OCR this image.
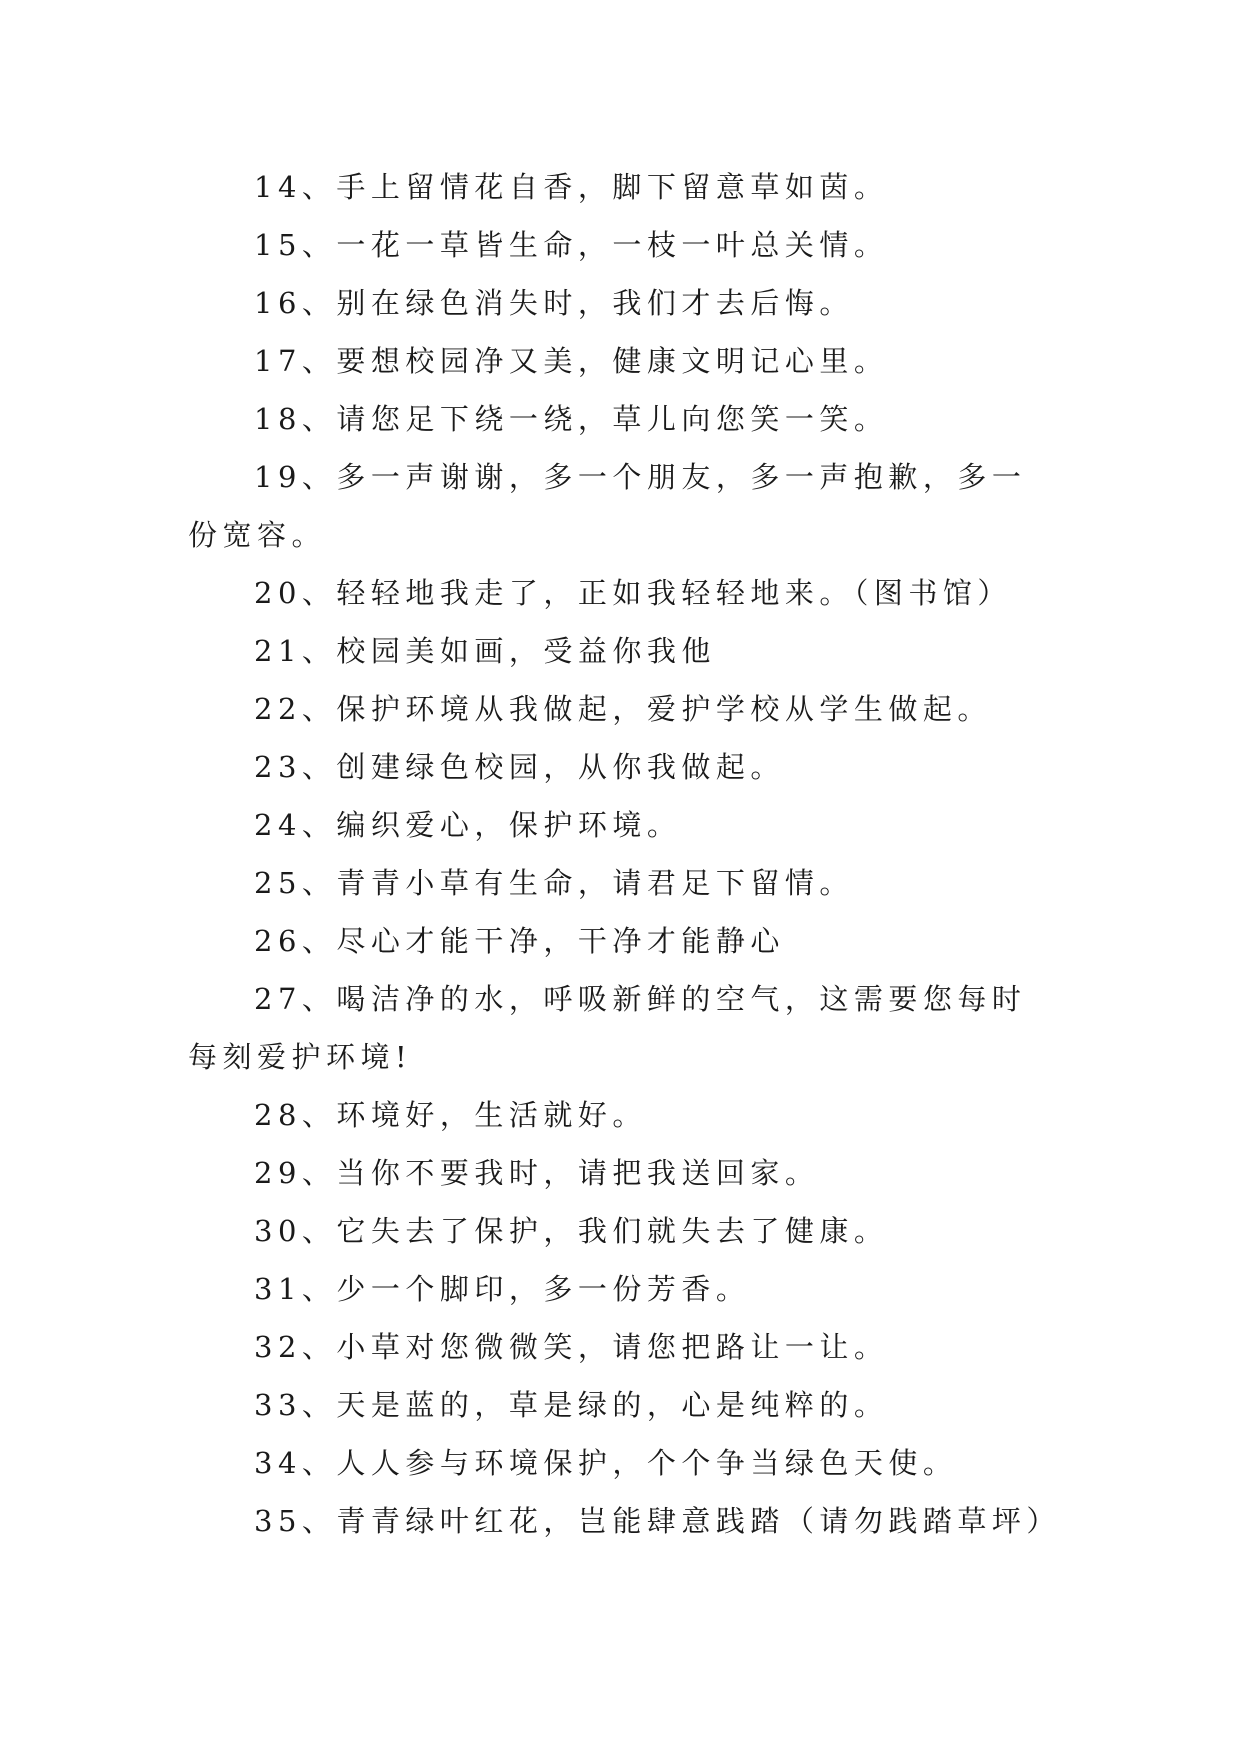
14、手上留情花自香，脚下留意草如茵。

15、一花一草皆生命，一枝一叶总关情。

16、别在绿色消失时，我们才去后悔。

17、要想校园净又美，健康文明记心里。

18、请您足下绕一绕，草儿向您笑一笑。

19、多一声谢谢，多一个朋友，多一声抱歉，多一份宽容。

20、轻轻地我走了，正如我轻轻地来。（图书馆）

21、校园美如画，受益你我他

22、保护环境从我做起，爱护学校从学生做起。

23、创建绿色校园，从你我做起。

24、编织爱心，保护环境。

25、青青小草有生命，请君足下留情。

26、尽心才能干净，干净才能静心

27、喝洁净的水，呼吸新鲜的空气，这需要您每时每刻爱护环境!

28、环境好，生活就好。

29、当你不要我时，请把我送回家。

30、它失去了保护，我们就失去了健康。

31、少一个脚印，多一份芳香。

32、小草对您微微笑，请您把路让一让。

33、天是蓝的，草是绿的，心是纯粹的。

34、人人参与环境保护，个个争当绿色天使。

35、青青绿叶红花，岂能肆意践踏（请勿践踏草坪）
